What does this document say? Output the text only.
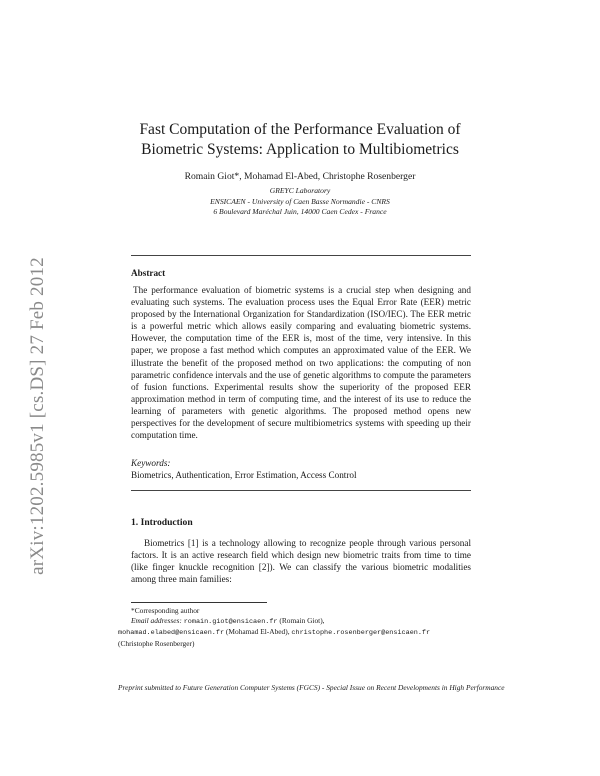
arXiv:1202.5985v1 [cs.DS] 27 Feb 2012
Fast Computation of the Performance Evaluation of
Biometric Systems: Application to Multibiometrics
Romain Giot*, Mohamad El-Abed, Christophe Rosenberger
GREYC Laboratory
ENSICAEN - University of Caen Basse Normandie - CNRS
6 Boulevard Maréchal Juin, 14000 Caen Cedex - France
Abstract
The performance evaluation of biometric systems is a crucial step when designing and evaluating such systems. The evaluation process uses the Equal Error Rate (EER) metric proposed by the International Organization for Standardization (ISO/IEC). The EER metric is a powerful metric which allows easily comparing and evaluating biometric systems. However, the computation time of the EER is, most of the time, very intensive. In this paper, we propose a fast method which computes an approximated value of the EER. We illustrate the benefit of the proposed method on two applications: the computing of non parametric confidence intervals and the use of genetic algorithms to compute the parameters of fusion functions. Experimental results show the superiority of the proposed EER approximation method in term of computing time, and the interest of its use to reduce the learning of parameters with genetic algorithms. The proposed method opens new perspectives for the development of secure multibiometrics systems with speeding up their computation time.
Keywords:
Biometrics, Authentication, Error Estimation, Access Control
1. Introduction
Biometrics [1] is a technology allowing to recognize people through various personal factors. It is an active research field which design new biometric traits from time to time (like finger knuckle recognition [2]). We can classify the various biometric modalities among three main families:
*Corresponding author
Email addresses: romain.giot@ensicaen.fr (Romain Giot),
mohamad.elabed@ensicaen.fr (Mohamad El-Abed), christophe.rosenberger@ensicaen.fr
(Christophe Rosenberger)
Preprint submitted to Future Generation Computer Systems (FGCS) - Special Issue on Recent Developments in High Performance
